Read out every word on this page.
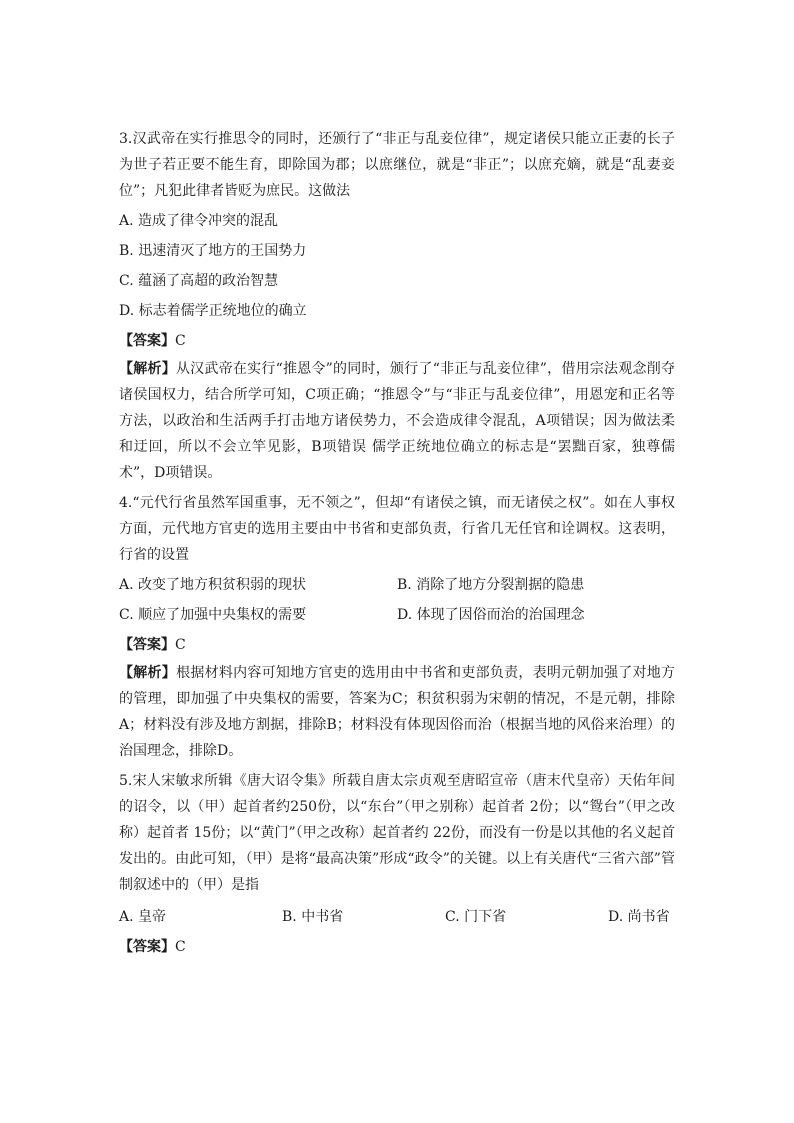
3.汉武帝在实行推思令的同时，还颁行了“非正与乱妾位律”，规定诸侯只能立正妻的长子为世子若正要不能生育，即除国为郡；以庶继位，就是“非正”；以庶充嫡，就是“乱妻妾位”；凡犯此律者皆贬为庶民。这做法

A. 造成了律令冲突的混乱

B. 迅速清灭了地方的王国势力

C. 蕴涵了高超的政治智慧

D. 标志着儒学正统地位的确立

【答案】C

【解析】从汉武帝在实行“推恩令”的同时，颁行了“非正与乱妾位律”，借用宗法观念削夺诸侯国权力，结合所学可知，C项正确；“推恩令”与“非正与乱妾位律”，用恩宠和正名等方法，以政治和生活两手打击地方诸侯势力，不会造成律令混乱，A项错误；因为做法柔和迂回，所以不会立竿见影，B项错误 儒学正统地位确立的标志是“罢黜百家，独尊儒术”，D项错误。

4.“元代行省虽然军国重事，无不领之”，但却“有诸侯之镇，而无诸侯之权”。如在人事权方面，元代地方官吏的选用主要由中书省和吏部负责，行省几无任官和诠调权。这表明，行省的设置

A. 改变了地方积贫积弱的现状	B. 消除了地方分裂割据的隐患
C. 顺应了加强中央集权的需要	D. 体现了因俗而治的治国理念

【答案】C

【解析】根据材料内容可知地方官吏的选用由中书省和吏部负责，表明元朝加强了对地方的管理，即加强了中央集权的需要，答案为C；积贫积弱为宋朝的情况，不是元朝，排除A；材料没有涉及地方割据，排除B；材料没有体现因俗而治（根据当地的风俗来治理）的治国理念，排除D。

5.宋人宋敏求所辑《唐大诏令集》所载自唐太宗贞观至唐昭宣帝（唐末代皇帝）天佑年间的诏令，以（甲）起首者约250份，以“东台”（甲之别称）起首者 2份；以“鸳台”（甲之改称）起首者 15份；以“黄门”（甲之改称）起首者约 22份，而没有一份是以其他的名义起首发出的。由此可知，（甲）是将“最高决策”形成“政令”的关键。以上有关唐代“三省六部”管制叙述中的（甲）是指

A. 皇帝	B. 中书省	C. 门下省	D. 尚书省

【答案】C
